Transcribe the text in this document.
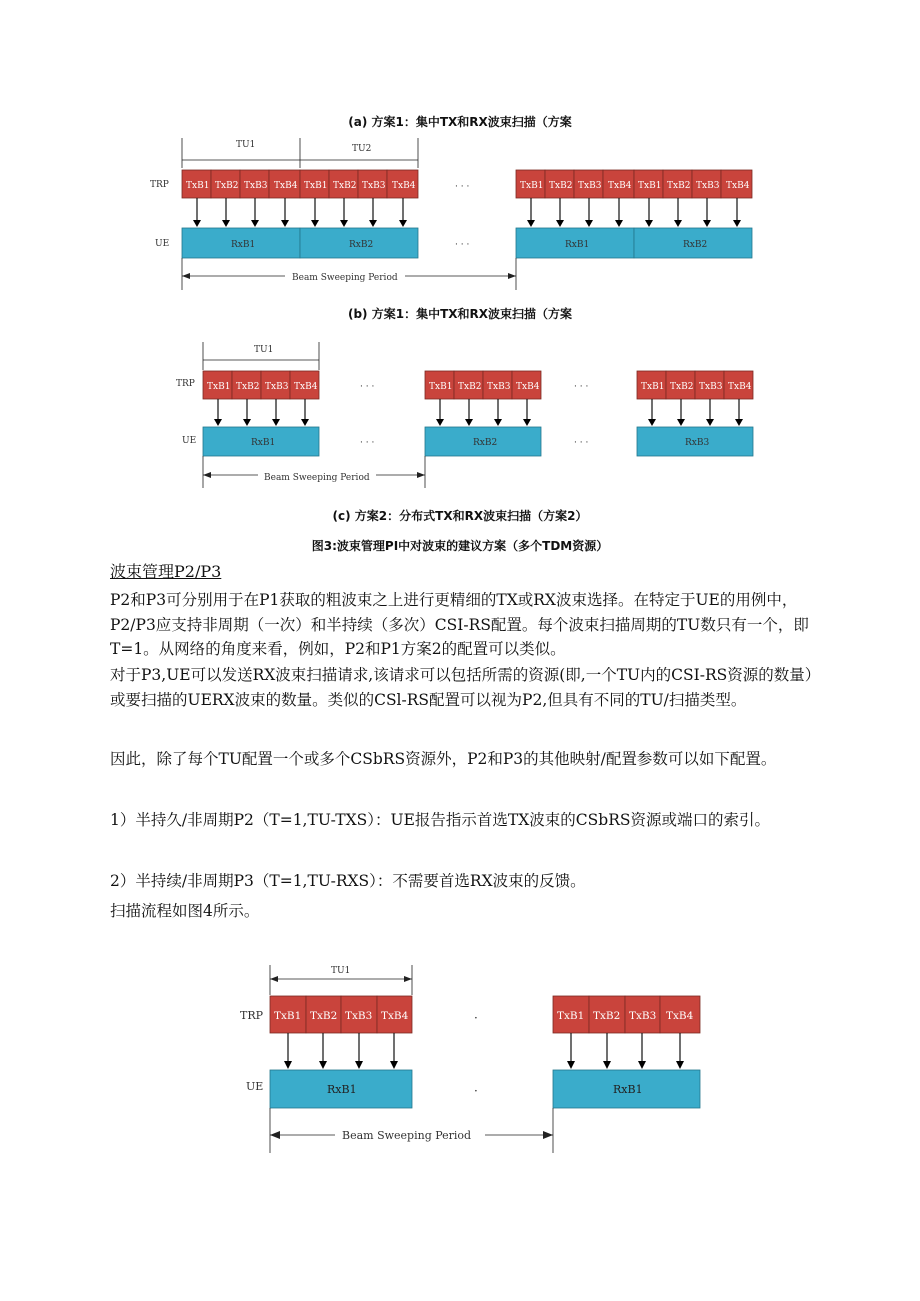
(a) 方案1：集中TX和RX波束扫描（方案
(b) 方案1：集中TX和RX波束扫描（方案
(c) 方案2：分布式TX和RX波束扫描（方案2）
图3:波束管理PI中对波束的建议方案（多个TDM资源）
TU1	TU2
TRP
UE
TxB1 TxB2 TxB3 TxB4 TxB1 TxB2 TxB3 TxB4	TxB1 TxB2 TxB3 TxB4 TxB1 TxB2 TxB3 TxB4
· · ·
RxB1	RxB2	RxB1	RxB2
· · ·
Beam Sweeping Period
TU1
TRP
UE
TxB1 TxB2 TxB3 TxB4	TxB1 TxB2 TxB3 TxB4	TxB1 TxB2 TxB3 TxB4
· · ·	· · ·
RxB1	RxB2	RxB3
· · ·	· · ·
Beam Sweeping Period
波束管理P2/P3
P2和P3可分别用于在P1获取的粗波束之上进行更精细的TX或RX波束选择。在特定于UE的用例中，P2/P3应支持非周期（一次）和半持续（多次）CSI-RS配置。每个波束扫描周期的TU数只有一个，即T=1。从网络的角度来看，例如，P2和P1方案2的配置可以类似。
对于P3,UE可以发送RX波束扫描请求,该请求可以包括所需的资源(即,一个TU内的CSI-RS资源的数量）或要扫描的UERX波束的数量。类似的CSl-RS配置可以视为P2,但具有不同的TU/扫描类型。
因此，除了每个TU配置一个或多个CSbRS资源外，P2和P3的其他映射/配置参数可以如下配置。
1）半持久/非周期P2（T=1,TU-TXS）：UE报告指示首选TX波束的CSbRS资源或端口的索引。
2）半持续/非周期P3（T=1,TU-RXS）：不需要首选RX波束的反馈。
扫描流程如图4所示。
TU1
TRP
UE
TxB1 TxB2 TxB3 TxB4	TxB1 TxB2 TxB3 TxB4
·
RxB1	RxB1
·
Beam Sweeping Period
